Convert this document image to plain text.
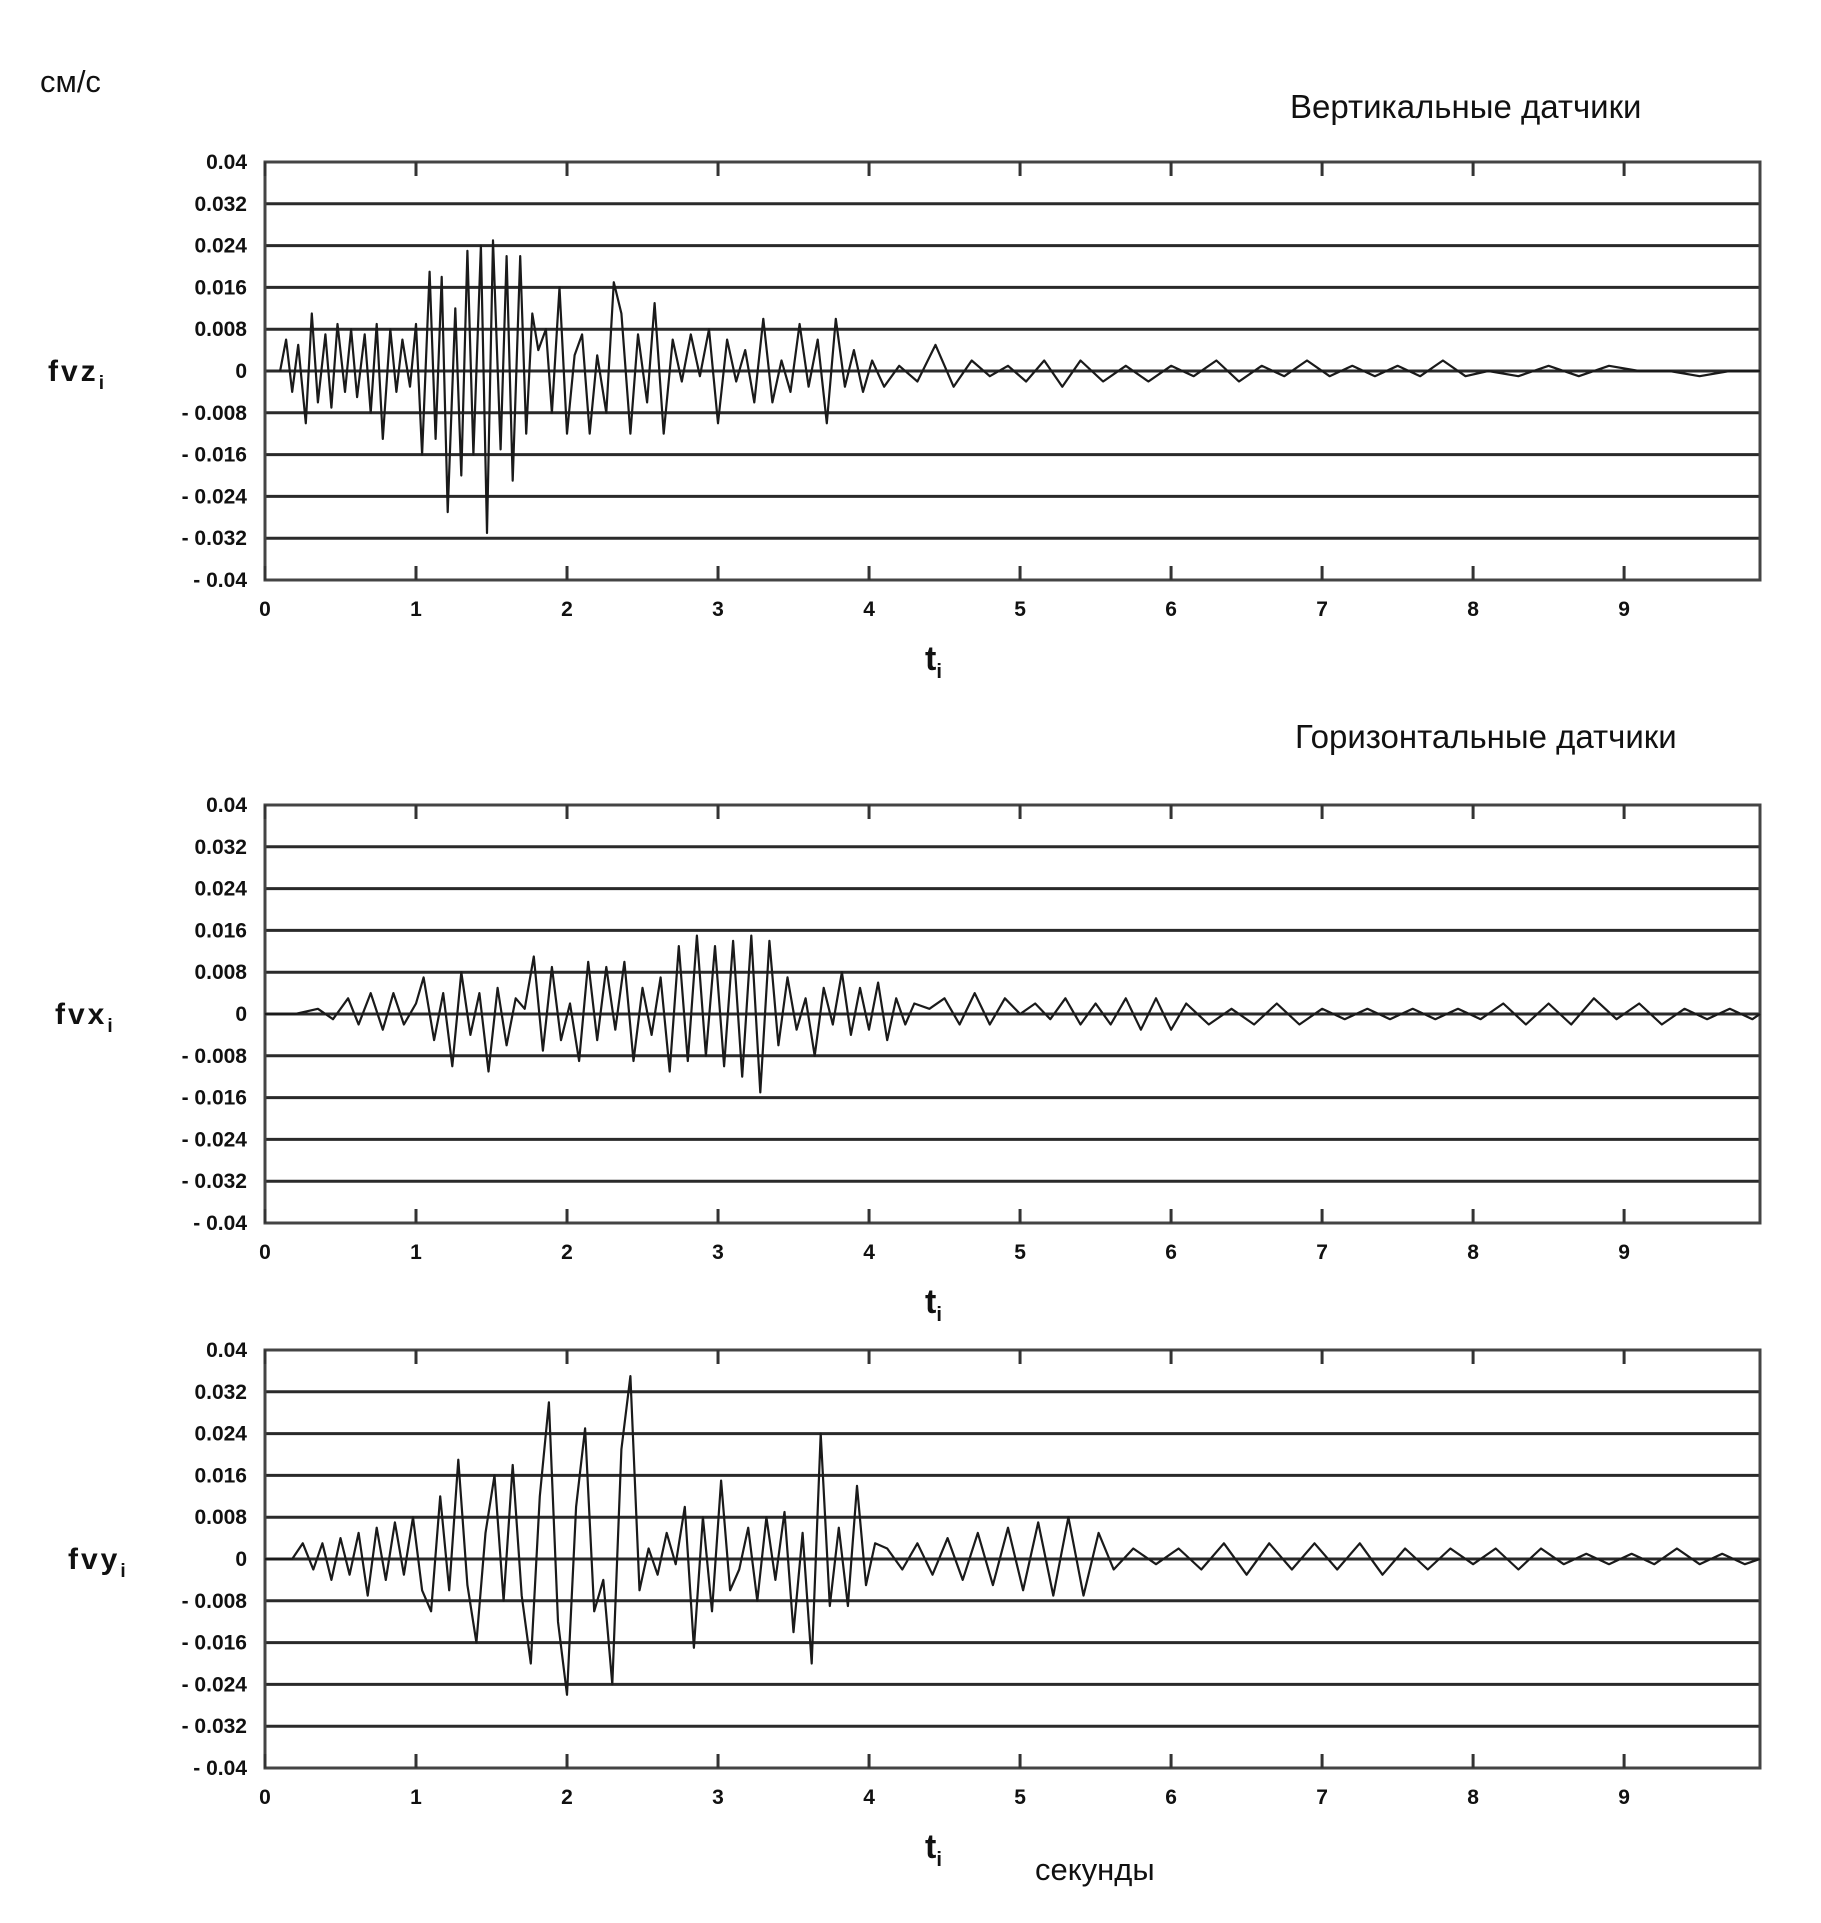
см/с
Вертикальные датчики
Горизонтальные датчики
секунды
0.04
0.032
0.024
0.016
0.008
0
- 0.008
- 0.016
- 0.024
- 0.032
- 0.04
0	1	2	3	4	5	6	7	8	9
fvz$_i$
$t_i$
0.04
0.032
0.024
0.016
0.008
0
- 0.008
- 0.016
- 0.024
- 0.032
- 0.04
0	1	2	3	4	5	6	7	8	9
fvx$_i$
$t_i$
0.04
0.032
0.024
0.016
0.008
0
- 0.008
- 0.016
- 0.024
- 0.032
- 0.04
0	1	2	3	4	5	6	7	8	9
fvy$_i$
$t_i$
